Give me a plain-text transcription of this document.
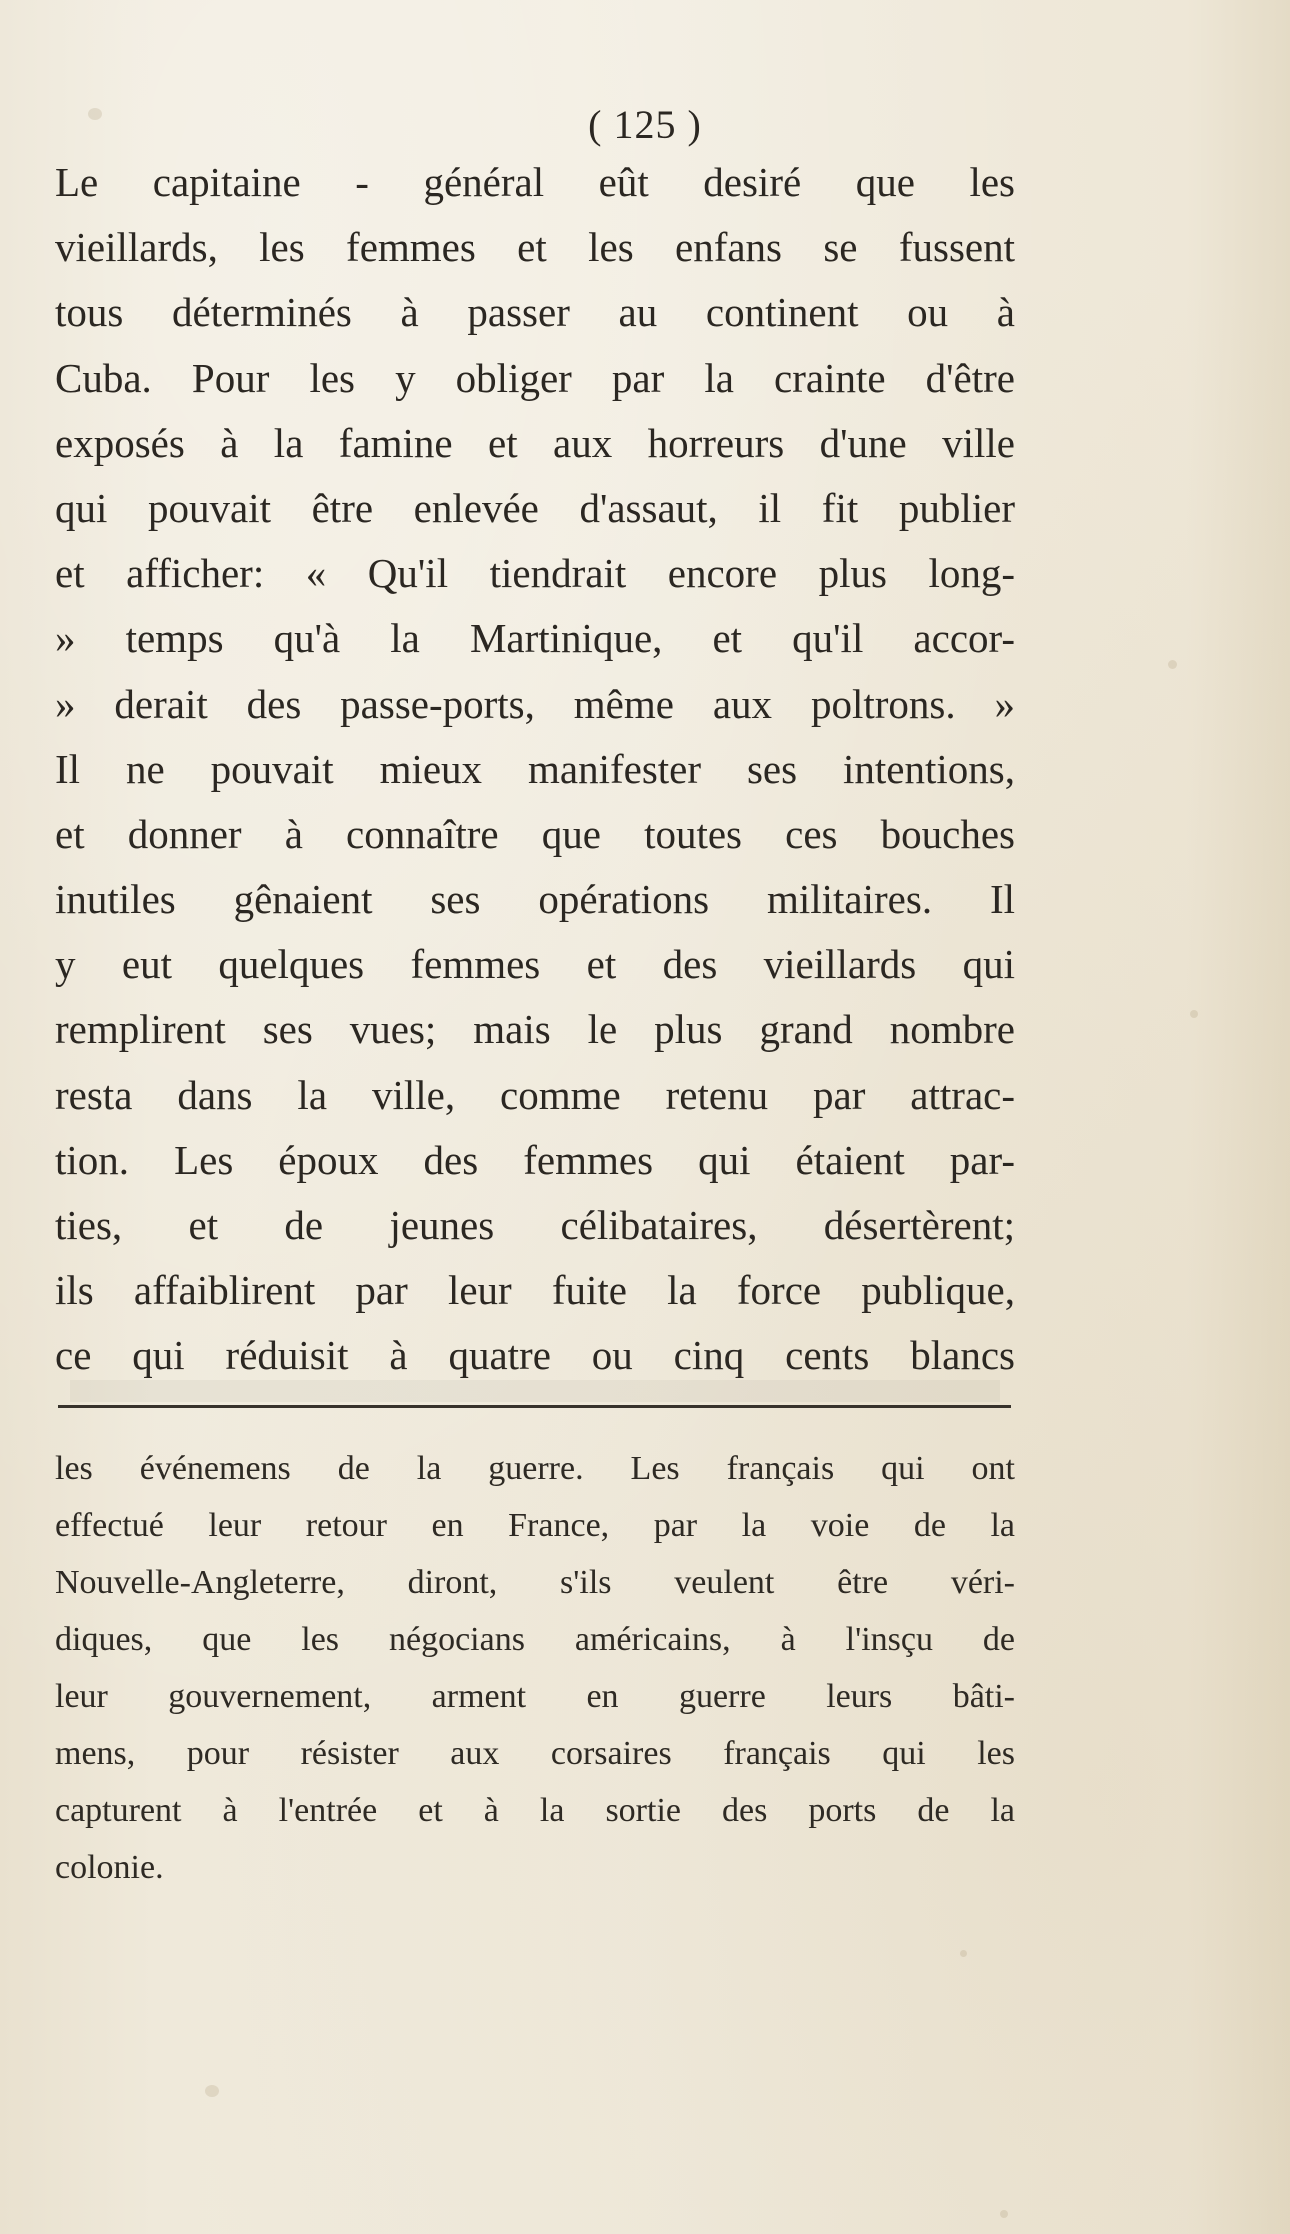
( 125 )
Le capitaine - général eût desiré que les
vieillards, les femmes et les enfans se fussent
tous déterminés à passer au continent ou à
Cuba. Pour les y obliger par la crainte d'être
exposés à la famine et aux horreurs d'une ville
qui pouvait être enlevée d'assaut, il fit publier
et afficher: « Qu'il tiendrait encore plus long-
» temps qu'à la Martinique, et qu'il accor-
» derait des passe-ports, même aux poltrons. »
Il ne pouvait mieux manifester ses intentions,
et donner à connaître que toutes ces bouches
inutiles gênaient ses opérations militaires. Il
y eut quelques femmes et des vieillards qui
remplirent ses vues; mais le plus grand nombre
resta dans la ville, comme retenu par attrac-
tion. Les époux des femmes qui étaient par-
ties, et de jeunes célibataires, désertèrent;
ils affaiblirent par leur fuite la force publique,
ce qui réduisit à quatre ou cinq cents blancs
les événemens de la guerre. Les français qui ont
effectué leur retour en France, par la voie de la
Nouvelle-Angleterre, diront, s'ils veulent être véri-
diques, que les négocians américains, à l'insçu de
leur gouvernement, arment en guerre leurs bâti-
mens, pour résister aux corsaires français qui les
capturent à l'entrée et à la sortie des ports de la
colonie.
